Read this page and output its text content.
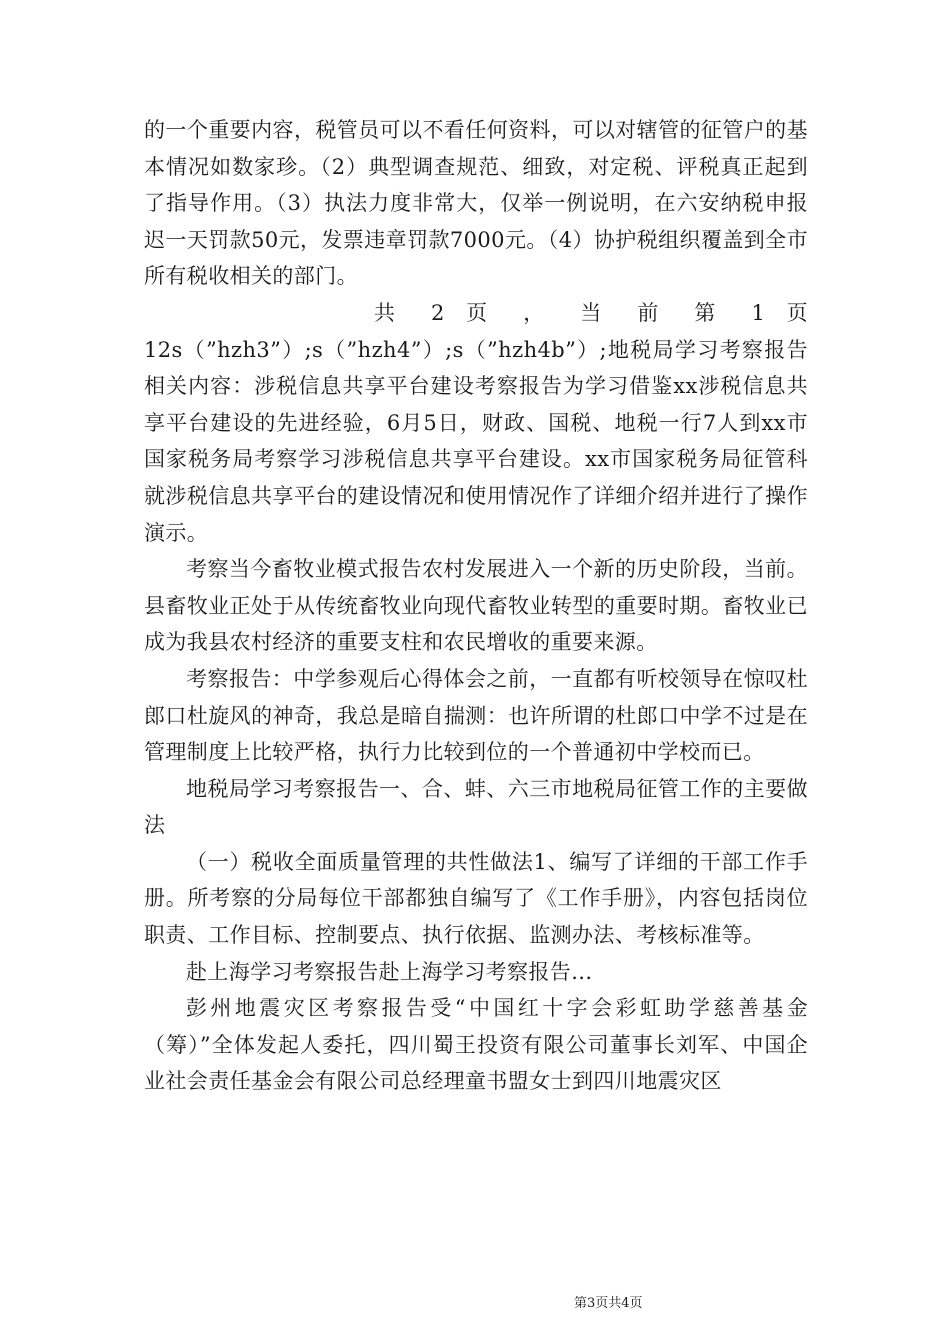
的一个重要内容，税管员可以不看任何资料，可以对辖管的征管户的基本情况如数家珍。（2）典型调查规范、细致，对定税、评税真正起到了指导作用。（3）执法力度非常大，仅举一例说明，在六安纳税申报迟一天罚款50元，发票违章罚款7000元。（4）协护税组织覆盖到全市所有税收相关的部门。

共 2 页 ， 当 前 第 1 页

12s（”hzh3”）;s（”hzh4”）;s（”hzh4b”）;地税局学习考察报告相关内容：涉税信息共享平台建设考察报告为学习借鉴xx涉税信息共享平台建设的先进经验，6月5日，财政、国税、地税一行7人到xx市国家税务局考察学习涉税信息共享平台建设。xx市国家税务局征管科就涉税信息共享平台的建设情况和使用情况作了详细介绍并进行了操作演示。

考察当今畜牧业模式报告农村发展进入一个新的历史阶段，当前。县畜牧业正处于从传统畜牧业向现代畜牧业转型的重要时期。畜牧业已成为我县农村经济的重要支柱和农民增收的重要来源。

考察报告：中学参观后心得体会之前，一直都有听校领导在惊叹杜郎口杜旋风的神奇，我总是暗自揣测：也许所谓的杜郎口中学不过是在管理制度上比较严格，执行力比较到位的一个普通初中学校而已。

地税局学习考察报告一、合、蚌、六三市地税局征管工作的主要做法

（一）税收全面质量管理的共性做法1、编写了详细的干部工作手册。所考察的分局每位干部都独自编写了《工作手册》，内容包括岗位职责、工作目标、控制要点、执行依据、监测办法、考核标准等。

赴上海学习考察报告赴上海学习考察报告...

彭州地震灾区考察报告受“中国红十字会彩虹助学慈善基金（筹）”全体发起人委托，四川蜀王投资有限公司董事长刘军、中国企业社会责任基金会有限公司总经理童书盟女士到四川地震灾区

第3页共4页
